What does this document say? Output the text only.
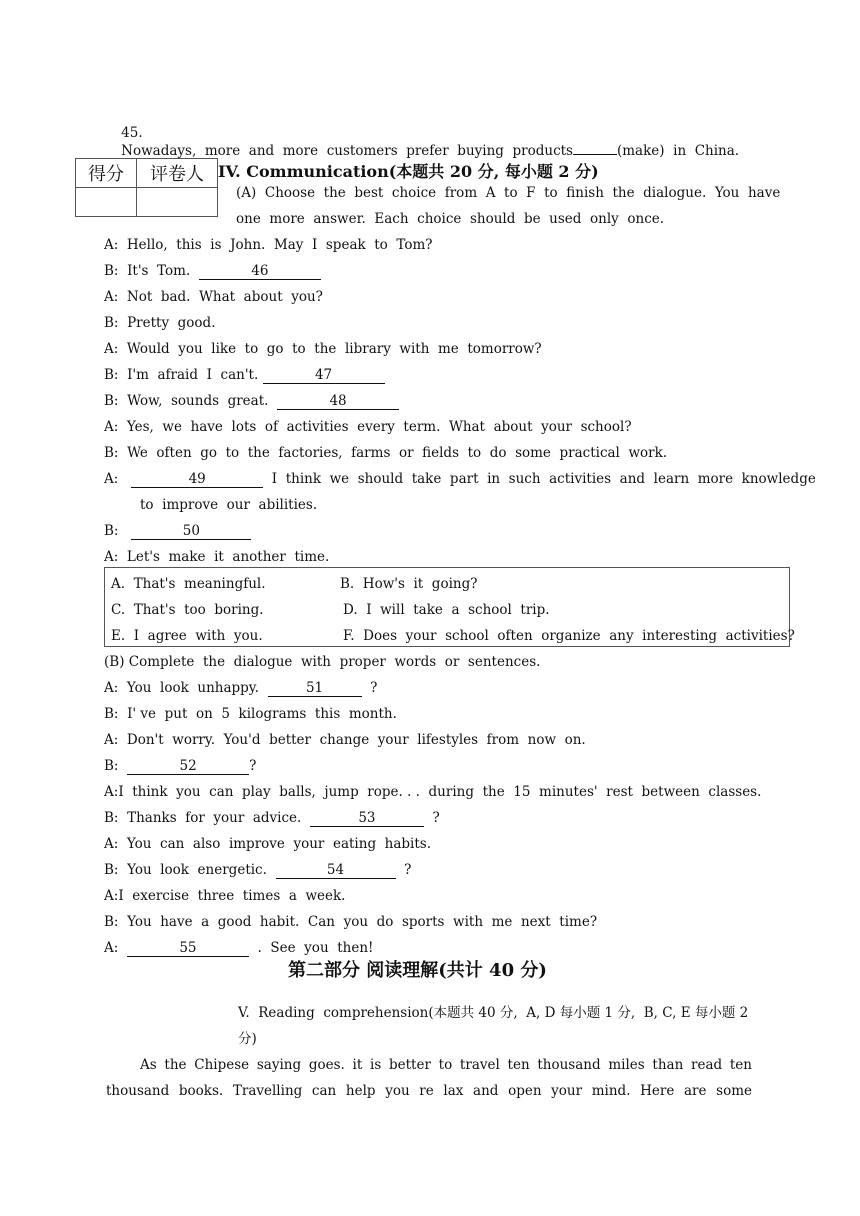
45.
Nowadays,  more  and  more  customers  prefer  buying  products	(make)  in  China.

得分	评卷人
	IV. Communication(本题共 20 分, 每小题 2 分)
(A)  Choose  the  best  choice  from  A  to  F  to  finish  the  dialogue.  You  have
one  more  answer.  Each  choice  should  be  used  only  once.
A: Hello,  this  is  John.  May  I  speak  to  Tom?
B: It's  Tom.	46
A: Not  bad.  What  about  you?
B: Pretty  good.
A: Would  you  like  to  go  to  the  library  with  me  tomorrow?
B: I'm  afraid  I  can't.	47
B: Wow,  sounds  great.	48
A: Yes,  we  have  lots  of  activities  every  term.  What  about  your  school?
B: We  often  go  to  the  factories,  farms  or  fields  to  do  some  practical  work.
A:	49	I  think  we  should  take  part  in  such  activities  and  learn  more  knowledge
to  improve  our  abilities.
B:	50
A: Let's  make  it  another  time.
A.  That's  meaningful.	B.  How's  it  going?
C.  That's  too  boring.	D.  I  will  take  a  school  trip.
E.  I  agree  with  you.	F.  Does  your  school  often  organize  any  interesting  activities?
(B) Complete  the  dialogue  with  proper  words  or  sentences.
A: You  look  unhappy.	51	?
B: I' ve  put  on  5  kilograms  this  month.
A: Don't  worry.  You'd  better  change  your  lifestyles  from  now  on.
B:	52	?
A:I  think  you  can  play  balls,  jump  rope. . .  during  the  15  minutes'  rest  between  classes.
B: Thanks  for  your  advice.	53	?
A: You  can  also  improve  your  eating  habits.
B: You  look  energetic.	54	?
A:I  exercise  three  times  a  week.
B: You  have  a  good  habit.  Can  you  do  sports  with  me  next  time?
A:	55	.  See  you  then!
第二部分 阅读理解(共计 40 分)
V.  Reading  comprehension(本题共 40 分,  A, D 每小题 1 分,  B, C, E 每小题 2
分)
As the Chipese saying goes. it is better to travel ten thousand miles than read ten
thousand books. Travelling can help you re lax and open your mind. Here are some
